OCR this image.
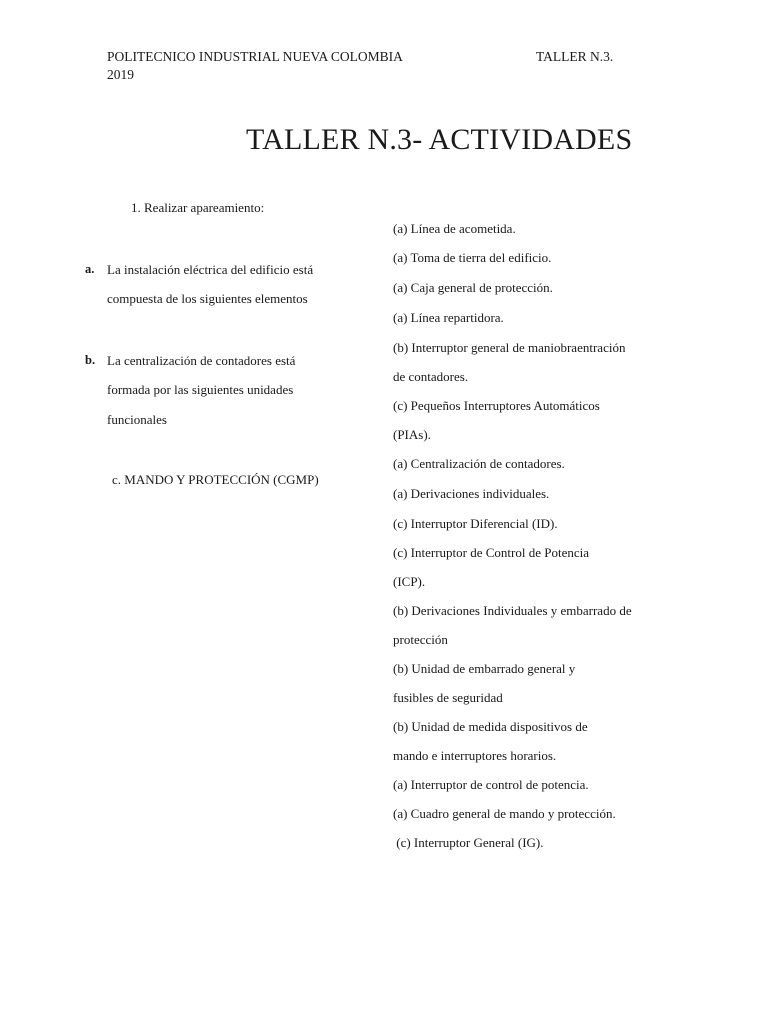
POLITECNICO INDUSTRIAL NUEVA COLOMBIA	TALLER N.3.
2019
TALLER N.3- ACTIVIDADES
1. Realizar apareamiento:
a. La instalación eléctrica del edificio está
compuesta de los siguientes elementos
b. La centralización de contadores está
formada por las siguientes unidades
funcionales
c. MANDO Y PROTECCIÓN (CGMP)
(a) Línea de acometida.
(a) Toma de tierra del edificio.
(a) Caja general de protección.
(a) Línea repartidora.
(b) Interruptor general de maniobraentración
de contadores.
(c) Pequeños Interruptores Automáticos
(PIAs).
(a) Centralización de contadores.
(a) Derivaciones individuales.
(c) Interruptor Diferencial (ID).
(c) Interruptor de Control de Potencia
(ICP).
(b) Derivaciones Individuales y embarrado de
protección
(b) Unidad de embarrado general y
fusibles de seguridad
(b) Unidad de medida dispositivos de
mando e interruptores horarios.
(a) Interruptor de control de potencia.
(a) Cuadro general de mando y protección.
(c) Interruptor General (IG).
